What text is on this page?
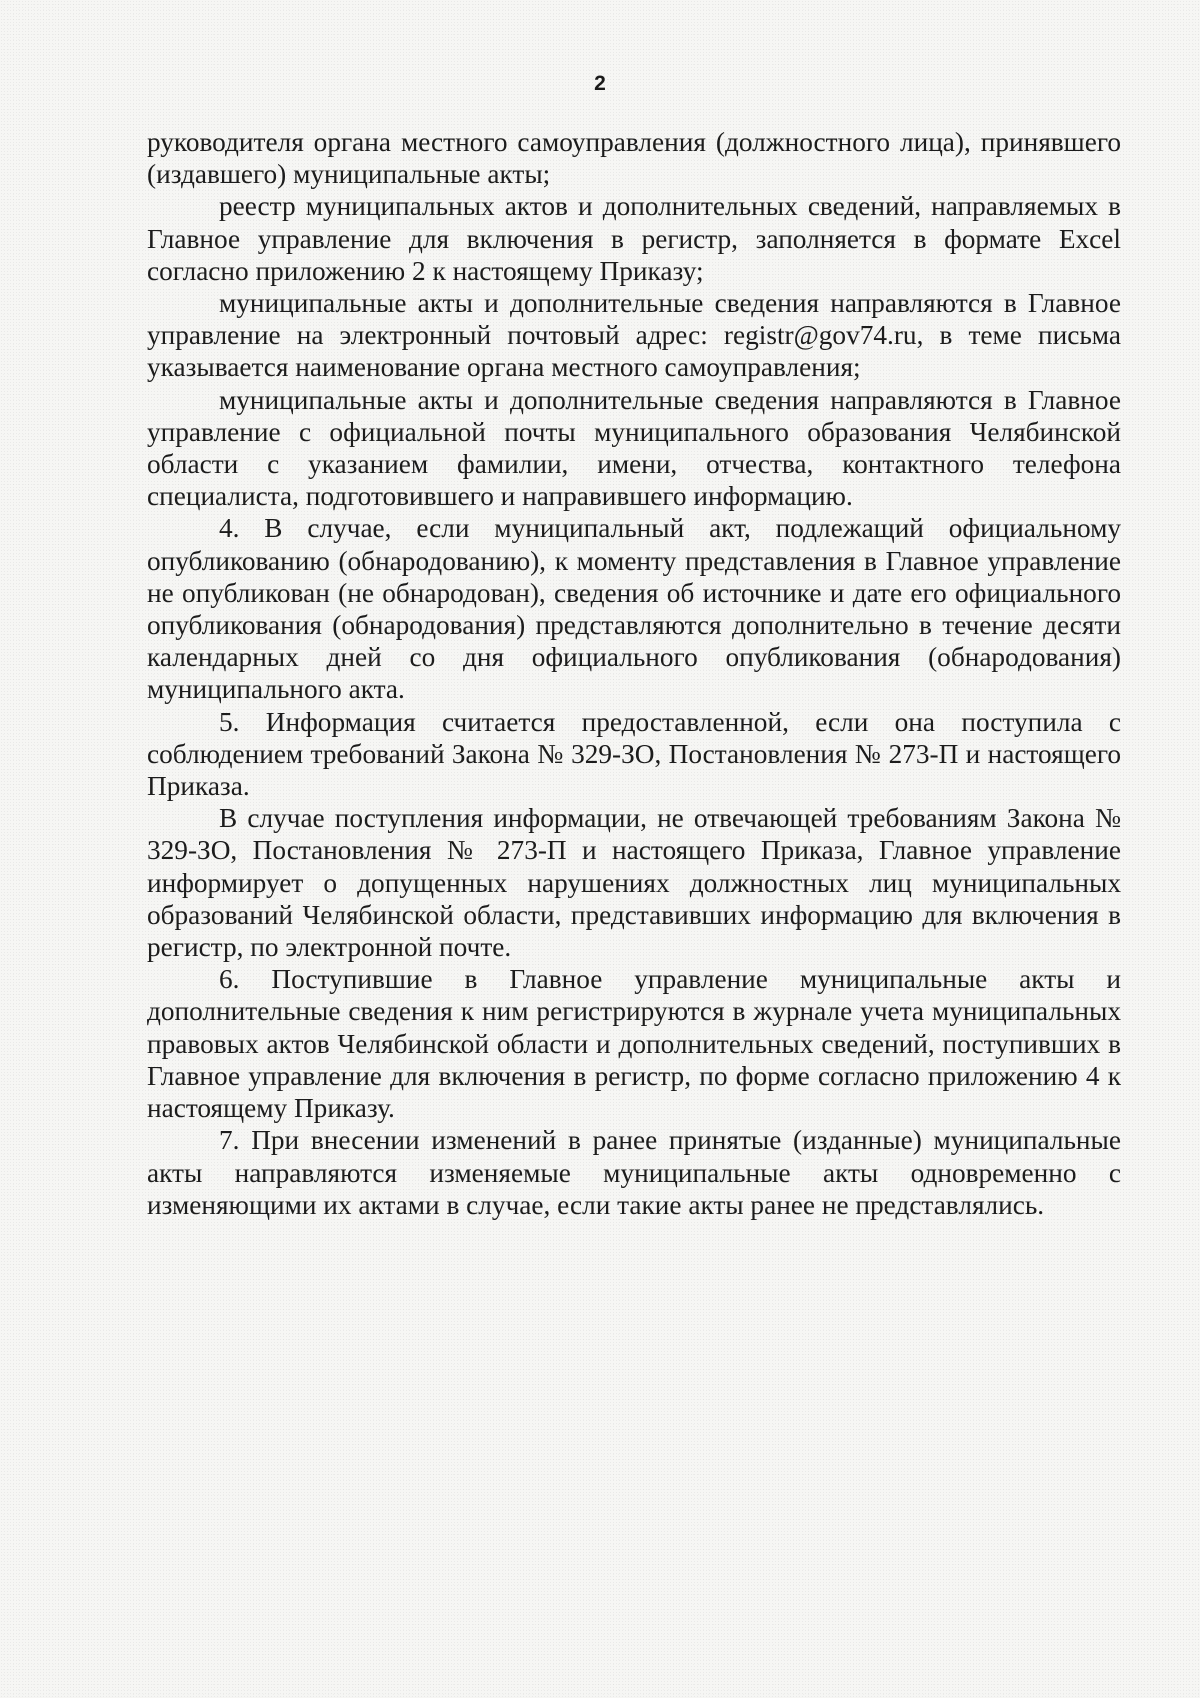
2

руководителя органа местного самоуправления (должностного лица), принявшего (издавшего) муниципальные акты;

реестр муниципальных актов и дополнительных сведений, направляемых в Главное управление для включения в регистр, заполняется в формате Excel согласно приложению 2 к настоящему Приказу;

муниципальные акты и дополнительные сведения направляются в Главное управление на электронный почтовый адрес: registr@gov74.ru, в теме письма указывается наименование органа местного самоуправления;

муниципальные акты и дополнительные сведения направляются в Главное управление с официальной почты муниципального образования Челябинской области с указанием фамилии, имени, отчества, контактного телефона специалиста, подготовившего и направившего информацию.

4. В случае, если муниципальный акт, подлежащий официальному опубликованию (обнародованию), к моменту представления в Главное управление не опубликован (не обнародован), сведения об источнике и дате его официального опубликования (обнародования) представляются дополнительно в течение десяти календарных дней со дня официального опубликования (обнародования) муниципального акта.

5. Информация считается предоставленной, если она поступила с соблюдением требований Закона № 329-ЗО, Постановления № 273-П и настоящего Приказа.

В случае поступления информации, не отвечающей требованиям Закона № 329-ЗО, Постановления № 273-П и настоящего Приказа, Главное управление информирует о допущенных нарушениях должностных лиц муниципальных образований Челябинской области, представивших информацию для включения в регистр, по электронной почте.

6. Поступившие в Главное управление муниципальные акты и дополнительные сведения к ним регистрируются в журнале учета муниципальных правовых актов Челябинской области и дополнительных сведений, поступивших в Главное управление для включения в регистр, по форме согласно приложению 4 к настоящему Приказу.

7. При внесении изменений в ранее принятые (изданные) муниципальные акты направляются изменяемые муниципальные акты одновременно с изменяющими их актами в случае, если такие акты ранее не представлялись.
